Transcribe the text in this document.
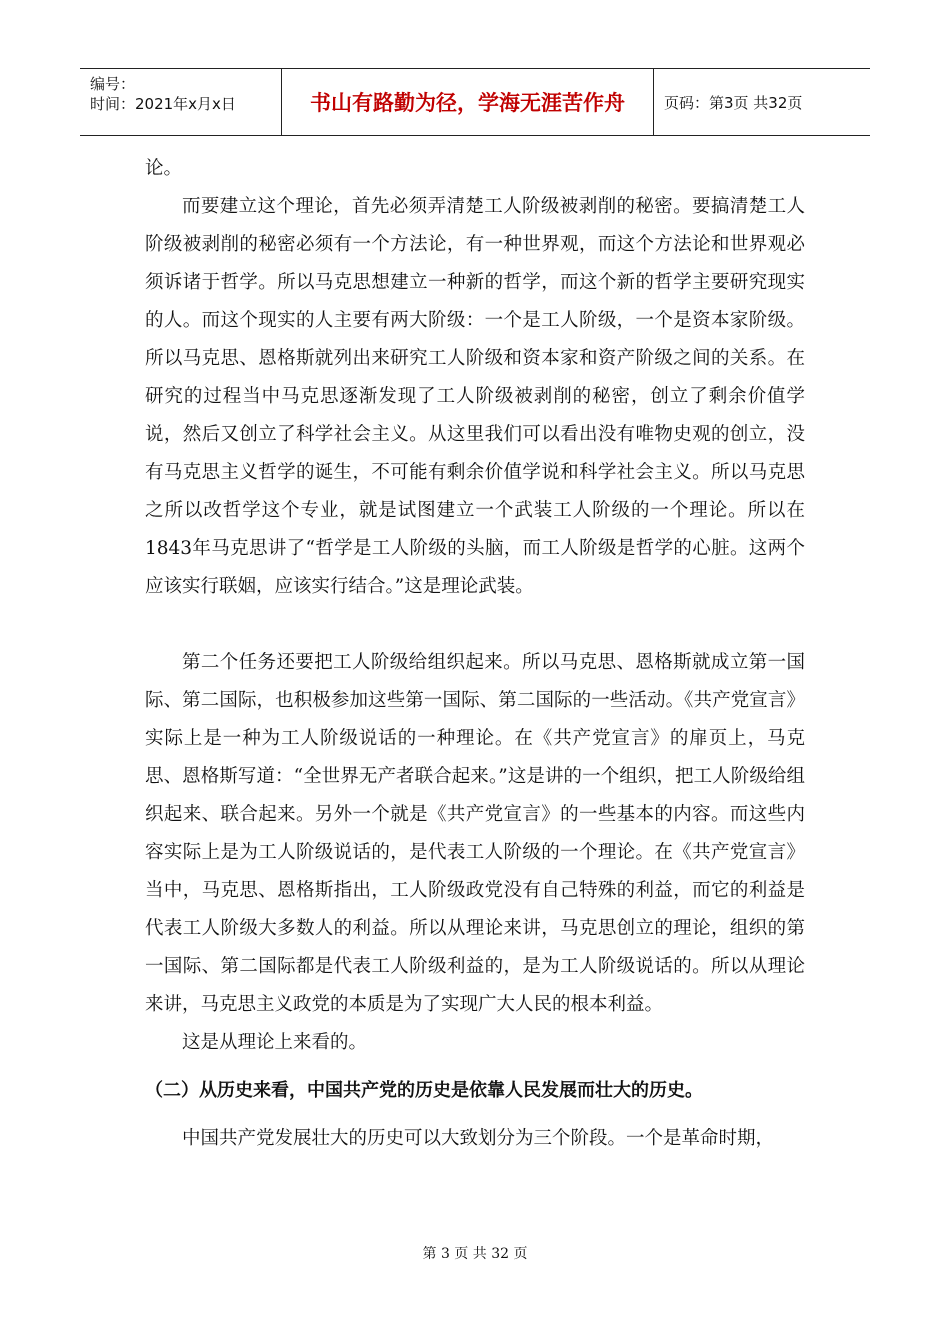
编号：
时间：2021年x月x日	书山有路勤为径，学海无涯苦作舟	页码：第3页 共32页

论。

而要建立这个理论，首先必须弄清楚工人阶级被剥削的秘密。要搞清楚工人阶级被剥削的秘密必须有一个方法论，有一种世界观，而这个方法论和世界观必须诉诸于哲学。所以马克思想建立一种新的哲学，而这个新的哲学主要研究现实的人。而这个现实的人主要有两大阶级：一个是工人阶级，一个是资本家阶级。所以马克思、恩格斯就列出来研究工人阶级和资本家和资产阶级之间的关系。在研究的过程当中马克思逐渐发现了工人阶级被剥削的秘密，创立了剩余价值学说，然后又创立了科学社会主义。从这里我们可以看出没有唯物史观的创立，没有马克思主义哲学的诞生，不可能有剩余价值学说和科学社会主义。所以马克思之所以改哲学这个专业，就是试图建立一个武装工人阶级的一个理论。所以在1843年马克思讲了“哲学是工人阶级的头脑，而工人阶级是哲学的心脏。这两个应该实行联姻，应该实行结合。”这是理论武装。

第二个任务还要把工人阶级给组织起来。所以马克思、恩格斯就成立第一国际、第二国际，也积极参加这些第一国际、第二国际的一些活动。《共产党宣言》实际上是一种为工人阶级说话的一种理论。在《共产党宣言》的扉页上，马克思、恩格斯写道：“全世界无产者联合起来。”这是讲的一个组织，把工人阶级给组织起来、联合起来。另外一个就是《共产党宣言》的一些基本的内容。而这些内容实际上是为工人阶级说话的，是代表工人阶级的一个理论。在《共产党宣言》当中，马克思、恩格斯指出，工人阶级政党没有自己特殊的利益，而它的利益是代表工人阶级大多数人的利益。所以从理论来讲，马克思创立的理论，组织的第一国际、第二国际都是代表工人阶级利益的，是为工人阶级说话的。所以从理论来讲，马克思主义政党的本质是为了实现广大人民的根本利益。

这是从理论上来看的。

（二）从历史来看，中国共产党的历史是依靠人民发展而壮大的历史。

中国共产党发展壮大的历史可以大致划分为三个阶段。一个是革命时期，

第 3 页 共 32 页
